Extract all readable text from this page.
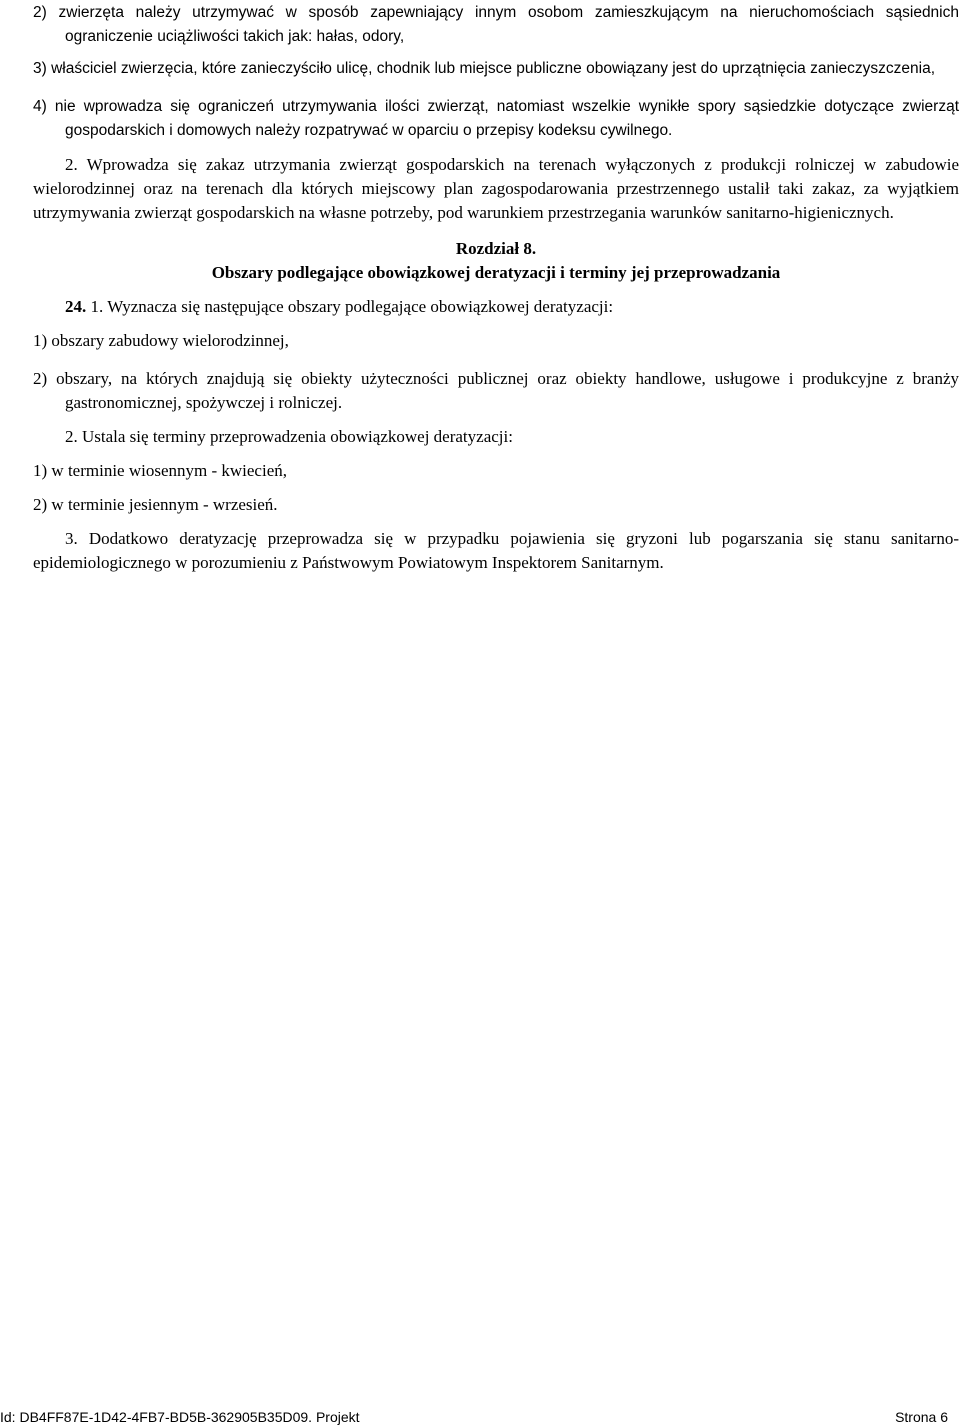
2) zwierzęta należy utrzymywać w sposób zapewniający innym osobom zamieszkującym na nieruchomościach sąsiednich ograniczenie uciążliwości takich jak: hałas, odory,

3) właściciel zwierzęcia, które zanieczyściło ulicę, chodnik lub miejsce publiczne obowiązany jest do uprzątnięcia zanieczyszczenia,

4) nie wprowadza się ograniczeń utrzymywania ilości zwierząt, natomiast wszelkie wynikłe spory sąsiedzkie dotyczące zwierząt gospodarskich i domowych należy rozpatrywać w oparciu o przepisy kodeksu cywilnego.

2. Wprowadza się zakaz utrzymania zwierząt gospodarskich na terenach wyłączonych z produkcji rolniczej w zabudowie wielorodzinnej oraz na terenach dla których miejscowy plan zagospodarowania przestrzennego ustalił taki zakaz, za wyjątkiem utrzymywania zwierząt gospodarskich na własne potrzeby, pod warunkiem przestrzegania warunków sanitarno-higienicznych.

Rozdział 8.

Obszary podlegające obowiązkowej deratyzacji i terminy jej przeprowadzania

24. 1. Wyznacza się następujące obszary podlegające obowiązkowej deratyzacji:

1) obszary zabudowy wielorodzinnej,

2) obszary, na których znajdują się obiekty użyteczności publicznej oraz obiekty handlowe, usługowe i produkcyjne z branży gastronomicznej, spożywczej i rolniczej.

2. Ustala się terminy przeprowadzenia obowiązkowej deratyzacji:

1) w terminie wiosennym - kwiecień,

2) w terminie jesiennym - wrzesień.

3. Dodatkowo deratyzację przeprowadza się w przypadku pojawienia się gryzoni lub pogarszania się stanu sanitarno-epidemiologicznego w porozumieniu z Państwowym Powiatowym Inspektorem Sanitarnym.

Id: DB4FF87E-1D42-4FB7-BD5B-362905B35D09. Projekt	Strona 6
